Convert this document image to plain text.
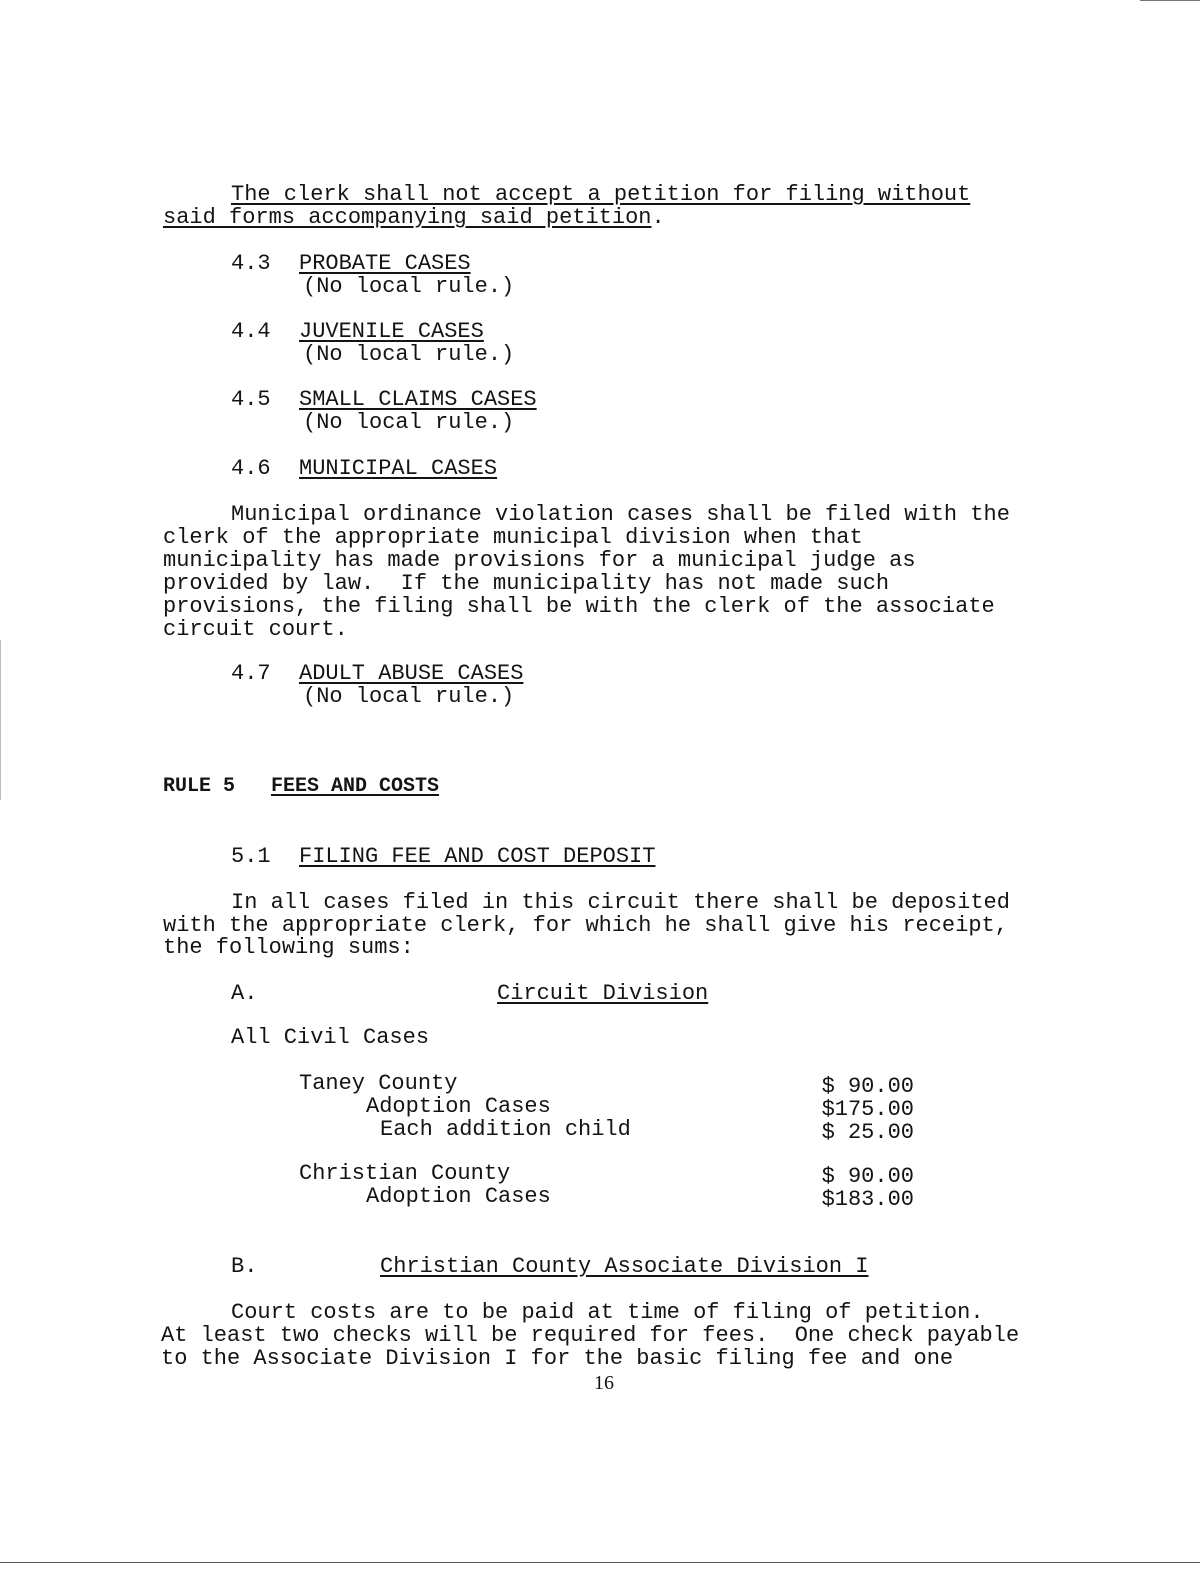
The clerk shall not accept a petition for filing without
said forms accompanying said petition.
4.3 PROBATE CASES
(No local rule.)
4.4 JUVENILE CASES
(No local rule.)
4.5 SMALL CLAIMS CASES
(No local rule.)
4.6 MUNICIPAL CASES
Municipal ordinance violation cases shall be filed with the
clerk of the appropriate municipal division when that
municipality has made provisions for a municipal judge as
provided by law.  If the municipality has not made such
provisions, the filing shall be with the clerk of the associate
circuit court.
4.7 ADULT ABUSE CASES
(No local rule.)
RULE 5 FEES AND COSTS
5.1 FILING FEE AND COST DEPOSIT
In all cases filed in this circuit there shall be deposited
with the appropriate clerk, for which he shall give his receipt,
the following sums:
A.	Circuit Division
All Civil Cases
Taney County	$ 90.00
Adoption Cases	$175.00
Each addition child	$ 25.00
Christian County	$ 90.00
Adoption Cases	$183.00
B.	Christian County Associate Division I
Court costs are to be paid at time of filing of petition.
At least two checks will be required for fees.  One check payable
to the Associate Division I for the basic filing fee and one
16
